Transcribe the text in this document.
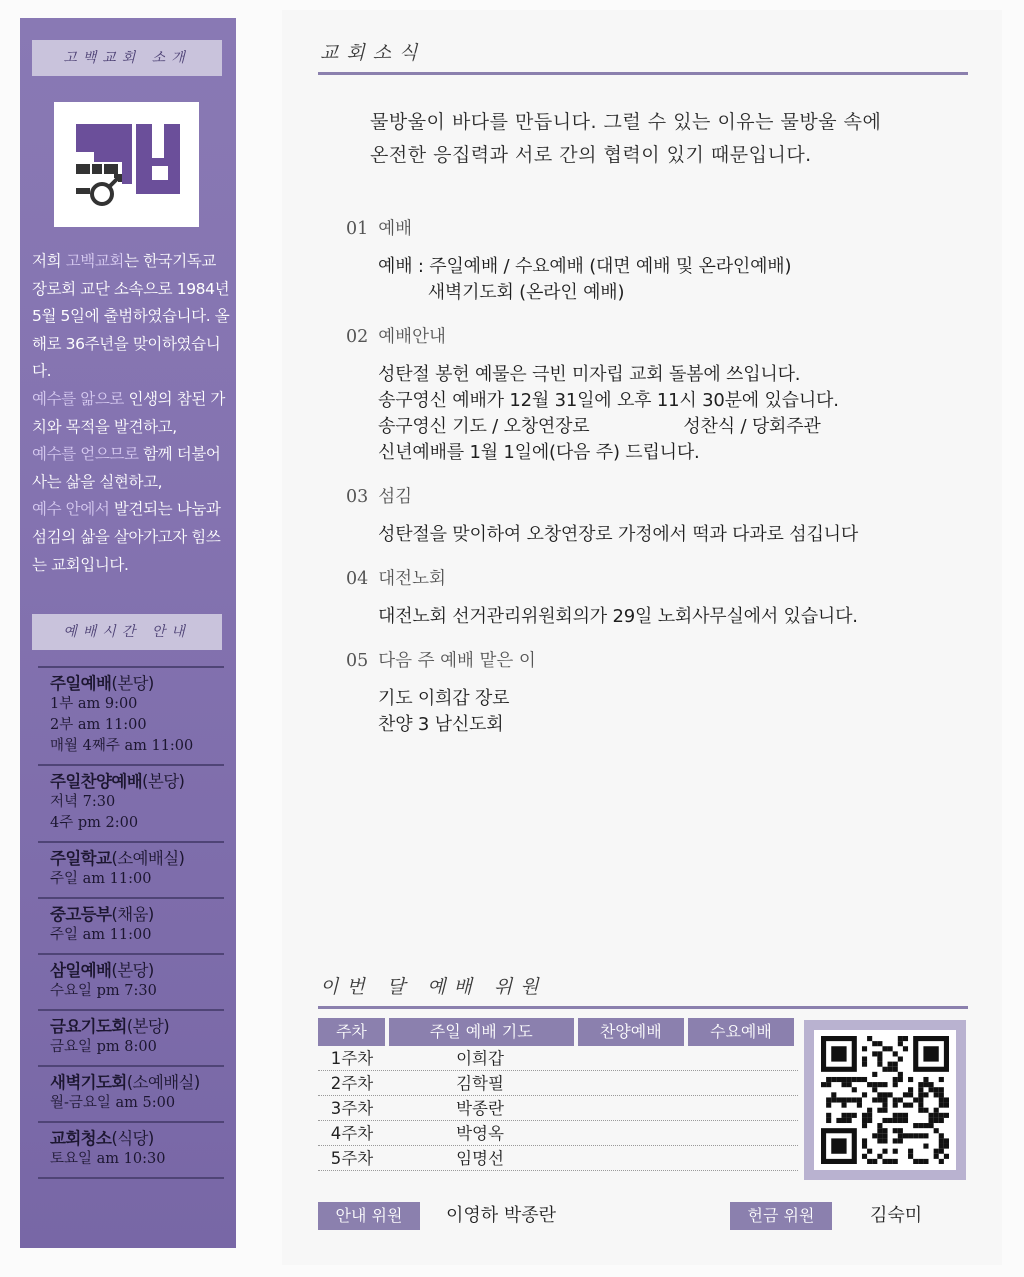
고백교회 소개
저희 고백교회는 한국기독교장로회 교단 소속으로 1984년 5월 5일에 출범하였습니다. 올해로 36주년을 맞이하였습니다.
예수를 앎으로 인생의 참된 가치와 목적을 발견하고,
예수를 얻으므로 함께 더불어 사는 삶을 실현하고,
예수 안에서 발견되는 나눔과 섬김의 삶을 살아가고자 힘쓰는 교회입니다.
예배시간 안내
주일예배(본당)
1부 am 9:00
2부 am 11:00
매월 4째주 am 11:00
주일찬양예배(본당)
저녁 7:30
4주 pm 2:00
주일학교(소예배실)
주일 am 11:00
중고등부(채움)
주일 am 11:00
삼일예배(본당)
수요일 pm 7:30
금요기도회(본당)
금요일 pm 8:00
새벽기도회(소예배실)
월-금요일 am 5:00
교회청소(식당)
토요일 am 10:30
교회소식
물방울이 바다를 만듭니다. 그럴 수 있는 이유는 물방울 속에
온전한 응집력과 서로 간의 협력이 있기 때문입니다.
01 예배
예배 : 주일예배 / 수요예배 (대면 예배 및 온라인예배)
새벽기도회 (온라인 예배)
02 예배안내
성탄절 봉헌 예물은 극빈 미자립 교회 돌봄에 쓰입니다.
송구영신 예배가 12월 31일에 오후 11시 30분에 있습니다.
송구영신 기도 / 오창연장로                 성찬식 / 당회주관
신년예배를 1월 1일에(다음 주) 드립니다.
03 섬김
성탄절을 맞이하여 오창연장로 가정에서 떡과 다과로 섬깁니다
04 대전노회
대전노회 선거관리위원회의가 29일 노회사무실에서 있습니다.
05 다음 주 예배 맡은 이
기도 이희갑 장로
찬양 3 남신도회
이번 달 예배 위원
주차	주일 예배 기도	찬양예배	수요예배
1주차	이희갑
2주차	김학필
3주차	박종란
4주차	박영옥
5주차	임명선
안내 위원	이영하 박종란	헌금 위원	김숙미
